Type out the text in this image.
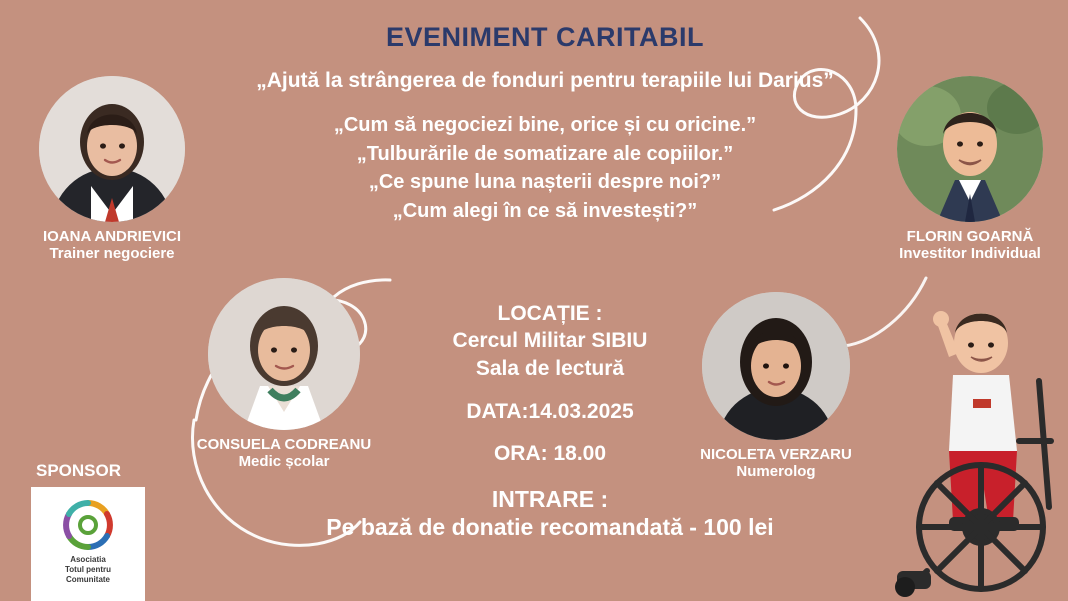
EVENIMENT CARITABIL
„Ajută la strângerea de fonduri pentru terapiile lui Darius”
„Cum să negociezi bine, orice și cu oricine.”
„Tulburările de somatizare ale copiilor.”
„Ce spune luna nașterii despre noi?”
„Cum alegi în ce să investești?”
LOCAȚIE :
Cercul Militar SIBIU
Sala de lectură
DATA:14.03.2025
ORA: 18.00
INTRARE :
Pe bază de donatie recomandată - 100 lei
IOANA ANDRIEVICI
Trainer negociere
FLORIN GOARNĂ
Investitor Individual
CONSUELA CODREANU
Medic școlar	NICOLETA VERZARU
Numerolog
SPONSOR
Asociatia
Totul pentru
Comunitate
